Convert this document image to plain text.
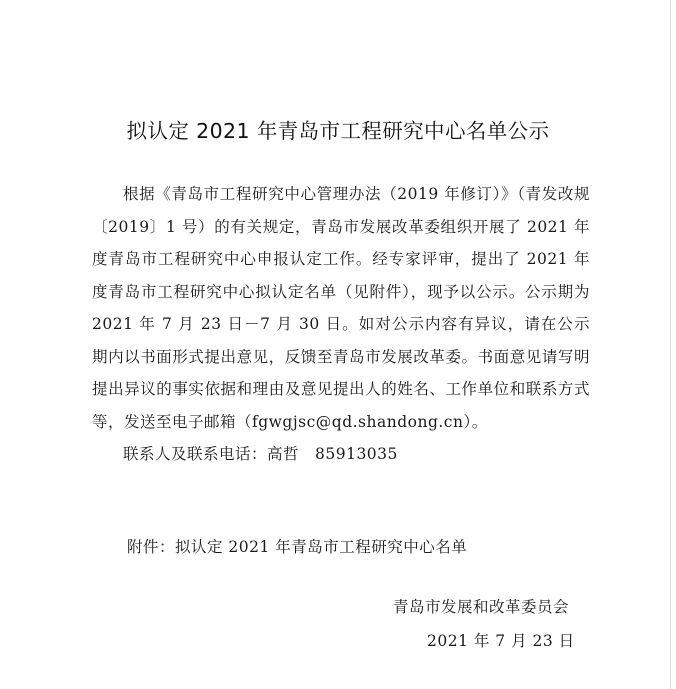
拟认定 2021 年青岛市工程研究中心名单公示

根据《青岛市工程研究中心管理办法（2019 年修订）》（青发改规〔2019〕1 号）的有关规定，青岛市发展改革委组织开展了 2021 年度青岛市工程研究中心申报认定工作。经专家评审，提出了 2021 年度青岛市工程研究中心拟认定名单（见附件），现予以公示。公示期为 2021 年 7 月 23 日－7 月 30 日。如对公示内容有异议，请在公示期内以书面形式提出意见，反馈至青岛市发展改革委。书面意见请写明提出异议的事实依据和理由及意见提出人的姓名、工作单位和联系方式等，发送至电子邮箱（fgwgjsc@qd.shandong.cn）。

联系人及联系电话：高哲　85913035

附件：拟认定 2021 年青岛市工程研究中心名单
青岛市发展和改革委员会
2021 年 7 月 23 日
